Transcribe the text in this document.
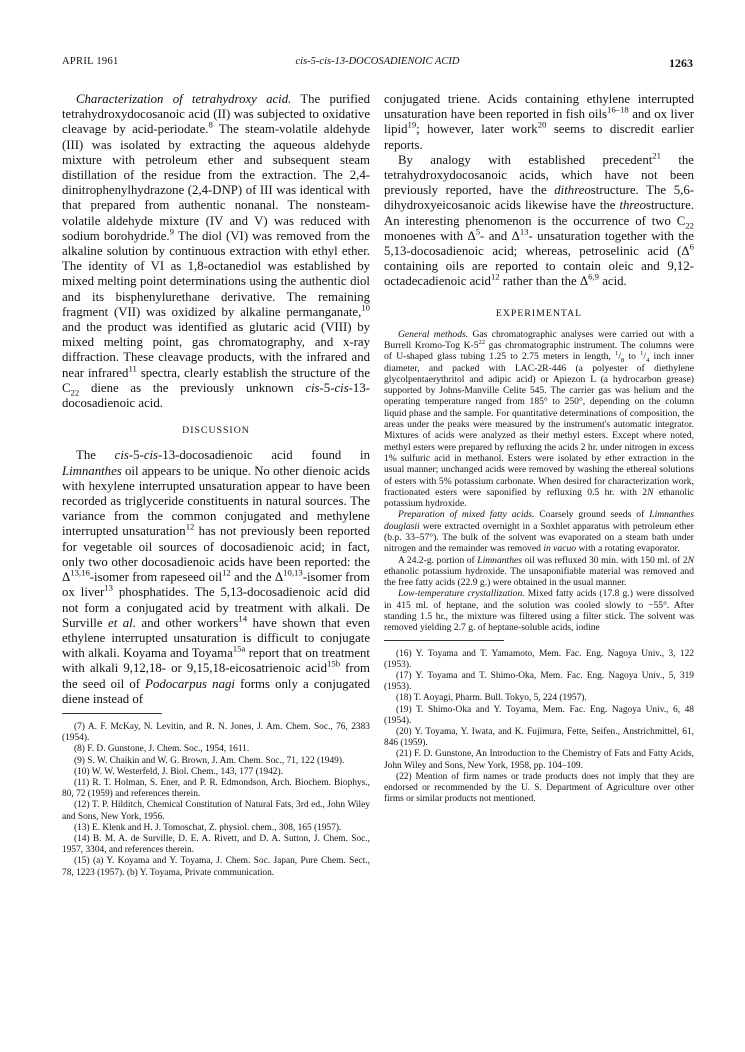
APRIL 1961	cis-5-cis-13-DOCOSADIENOIC ACID	1263

Characterization of tetrahydroxy acid. The purified tetrahydroxydocosanoic acid (II) was subjected to oxidative cleavage by acid-periodate.$^8$ The steam-volatile aldehyde (III) was isolated by extracting the aqueous aldehyde mixture with petroleum ether and subsequent steam distillation of the residue from the extraction. The 2,4-dinitrophenylhydrazone (2,4-DNP) of III was identical with that prepared from authentic nonanal. The nonsteam-volatile aldehyde mixture (IV and V) was reduced with sodium borohydride.$^9$ The diol (VI) was removed from the alkaline solution by continuous extraction with ethyl ether. The identity of VI as 1,8-octanediol was established by mixed melting point determinations using the authentic diol and its bisphenylurethane derivative. The remaining fragment (VII) was oxidized by alkaline permanganate,$^{10}$ and the product was identified as glutaric acid (VIII) by mixed melting point, gas chromatography, and x-ray diffraction. These cleavage products, with the infrared and near infrared$^{11}$ spectra, clearly establish the structure of the $C_{22}$ diene as the previously unknown cis-5-cis-13-docosadienoic acid.

DISCUSSION

The cis-5-cis-13-docosadienoic acid found in Limnanthes oil appears to be unique. No other dienoic acids with hexylene interrupted unsaturation appear to have been recorded as triglyceride constituents in natural sources. The variance from the common conjugated and methylene interrupted unsaturation$^{12}$ has not previously been reported for vegetable oil sources of docosadienoic acid; in fact, only two other docosadienoic acids have been reported: the Δ$^{13,16}$-isomer from rapeseed oil$^{12}$ and the Δ$^{10,13}$-isomer from ox liver$^{13}$ phosphatides. The 5,13-docosadienoic acid did not form a conjugated acid by treatment with alkali. De Surville et al. and other workers$^{14}$ have shown that even ethylene interrupted unsaturation is difficult to conjugate with alkali. Koyama and Toyama$^{15a}$ report that on treatment with alkali 9,12,18- or 9,15,18-eicosatrienoic acid$^{15b}$ from the seed oil of Podocarpus nagi forms only a conjugated diene instead of

(7) A. F. McKay, N. Levitin, and R. N. Jones, J. Am. Chem. Soc., 76, 2383 (1954).
(8) F. D. Gunstone, J. Chem. Soc., 1954, 1611.
(9) S. W. Chaikin and W. G. Brown, J. Am. Chem. Soc., 71, 122 (1949).
(10) W. W. Westerfeld, J. Biol. Chem., 143, 177 (1942).
(11) R. T. Holman, S. Ener, and P. R. Edmondson, Arch. Biochem. Biophys., 80, 72 (1959) and references therein.
(12) T. P. Hilditch, Chemical Constitution of Natural Fats, 3rd ed., John Wiley and Sons, New York, 1956.
(13) E. Klenk and H. J. Tomoschat, Z. physiol. chem., 308, 165 (1957).
(14) B. M. A. de Surville, D. E. A. Rivett, and D. A. Sutton, J. Chem. Soc., 1957, 3304, and references therein.
(15) (a) Y. Koyama and Y. Toyama, J. Chem. Soc. Japan, Pure Chem. Sect., 78, 1223 (1957). (b) Y. Toyama, Private communication.

conjugated triene. Acids containing ethylene interrupted unsaturation have been reported in fish oils$^{16-18}$ and ox liver lipid$^{19}$; however, later work$^{20}$ seems to discredit earlier reports.

By analogy with established precedent$^{21}$ the tetrahydroxydocosanoic acids, which have not been previously reported, have the dithreostructure. The 5,6-dihydroxyeicosanoic acids likewise have the threostructure. An interesting phenomenon is the occurrence of two $C_{22}$ monoenes with $\Delta^5-$ and $\Delta^{13}-$ unsaturation together with the 5,13-docosadienoic acid; whereas, petroselinic acid ($\Delta^6$ containing oils are reported to contain oleic and 9,12-octadecadienoic acid$^{12}$ rather than the Δ$^{6,9}$ acid.

EXPERIMENTAL

General methods. Gas chromatographic analyses were carried out with a Burrell Kromo-Tog $K-5^{22}$ gas chromatographic instrument. The columns were of U-shaped glass tubing 1.25 to 2.75 meters in length, $^1/_8$ to $^1/_4$ inch inner diameter, and packed with LAC-2R-446 (a polyester of diethylene glycolpentaerythritol and adipic acid) or Apiezon L (a hydrocarbon grease) supported by Johns-Manville Celite 545. The carrier gas was helium and the operating temperature ranged from 185° to 250°, depending on the column liquid phase and the sample. For quantitative determinations of composition, the areas under the peaks were measured by the instrument's automatic integrator. Mixtures of acids were analyzed as their methyl esters. Except where noted, methyl esters were prepared by refluxing the acids 2 hr. under nitrogen in excess 1% sulfuric acid in methanol. Esters were isolated by ether extraction in the usual manner; unchanged acids were removed by washing the ethereal solutions of esters with 5% potassium carbonate. When desired for characterization work, fractionated esters were saponified by refluxing 0.5 hr. with 2N ethanolic potassium hydroxide.

Preparation of mixed fatty acids. Coarsely ground seeds of Limnanthes douglasii were extracted overnight in a Soxhlet apparatus with petroleum ether (b.p. 33–57°). The bulk of the solvent was evaporated on a steam bath under nitrogen and the remainder was removed in vacuo with a rotating evaporator.

A 24.2-g. portion of Limnanthes oil was refluxed 30 min. with 150 ml. of 2N ethanolic potassium hydroxide. The unsaponifiable material was removed and the free fatty acids (22.9 g.) were obtained in the usual manner.

Low-temperature crystallization. Mixed fatty acids (17.8 g.) were dissolved in 415 ml. of heptane, and the solution was cooled slowly to −55°. After standing 1.5 hr., the mixture was filtered using a filter stick. The solvent was removed yielding 2.7 g. of heptane-soluble acids, iodine

(16) Y. Toyama and T. Yamamoto, Mem. Fac. Eng. Nagoya Univ., 3, 122 (1953).
(17) Y. Toyama and T. Shimo-Oka, Mem. Fac. Eng. Nagoya Univ., 5, 319 (1953).
(18) T. Aoyagi, Pharm. Bull. Tokyo, 5, 224 (1957).
(19) T. Shimo-Oka and Y. Toyama, Mem. Fac. Eng. Nagoya Univ., 6, 48 (1954).
(20) Y. Toyama, Y. Iwata, and K. Fujimura, Fette, Seifen., Anstrichmittel, 61, 846 (1959).
(21) F. D. Gunstone, An Introduction to the Chemistry of Fats and Fatty Acids, John Wiley and Sons, New York, 1958, pp. 104–109.
(22) Mention of firm names or trade products does not imply that they are endorsed or recommended by the U. S. Department of Agriculture over other firms or similar products not mentioned.
